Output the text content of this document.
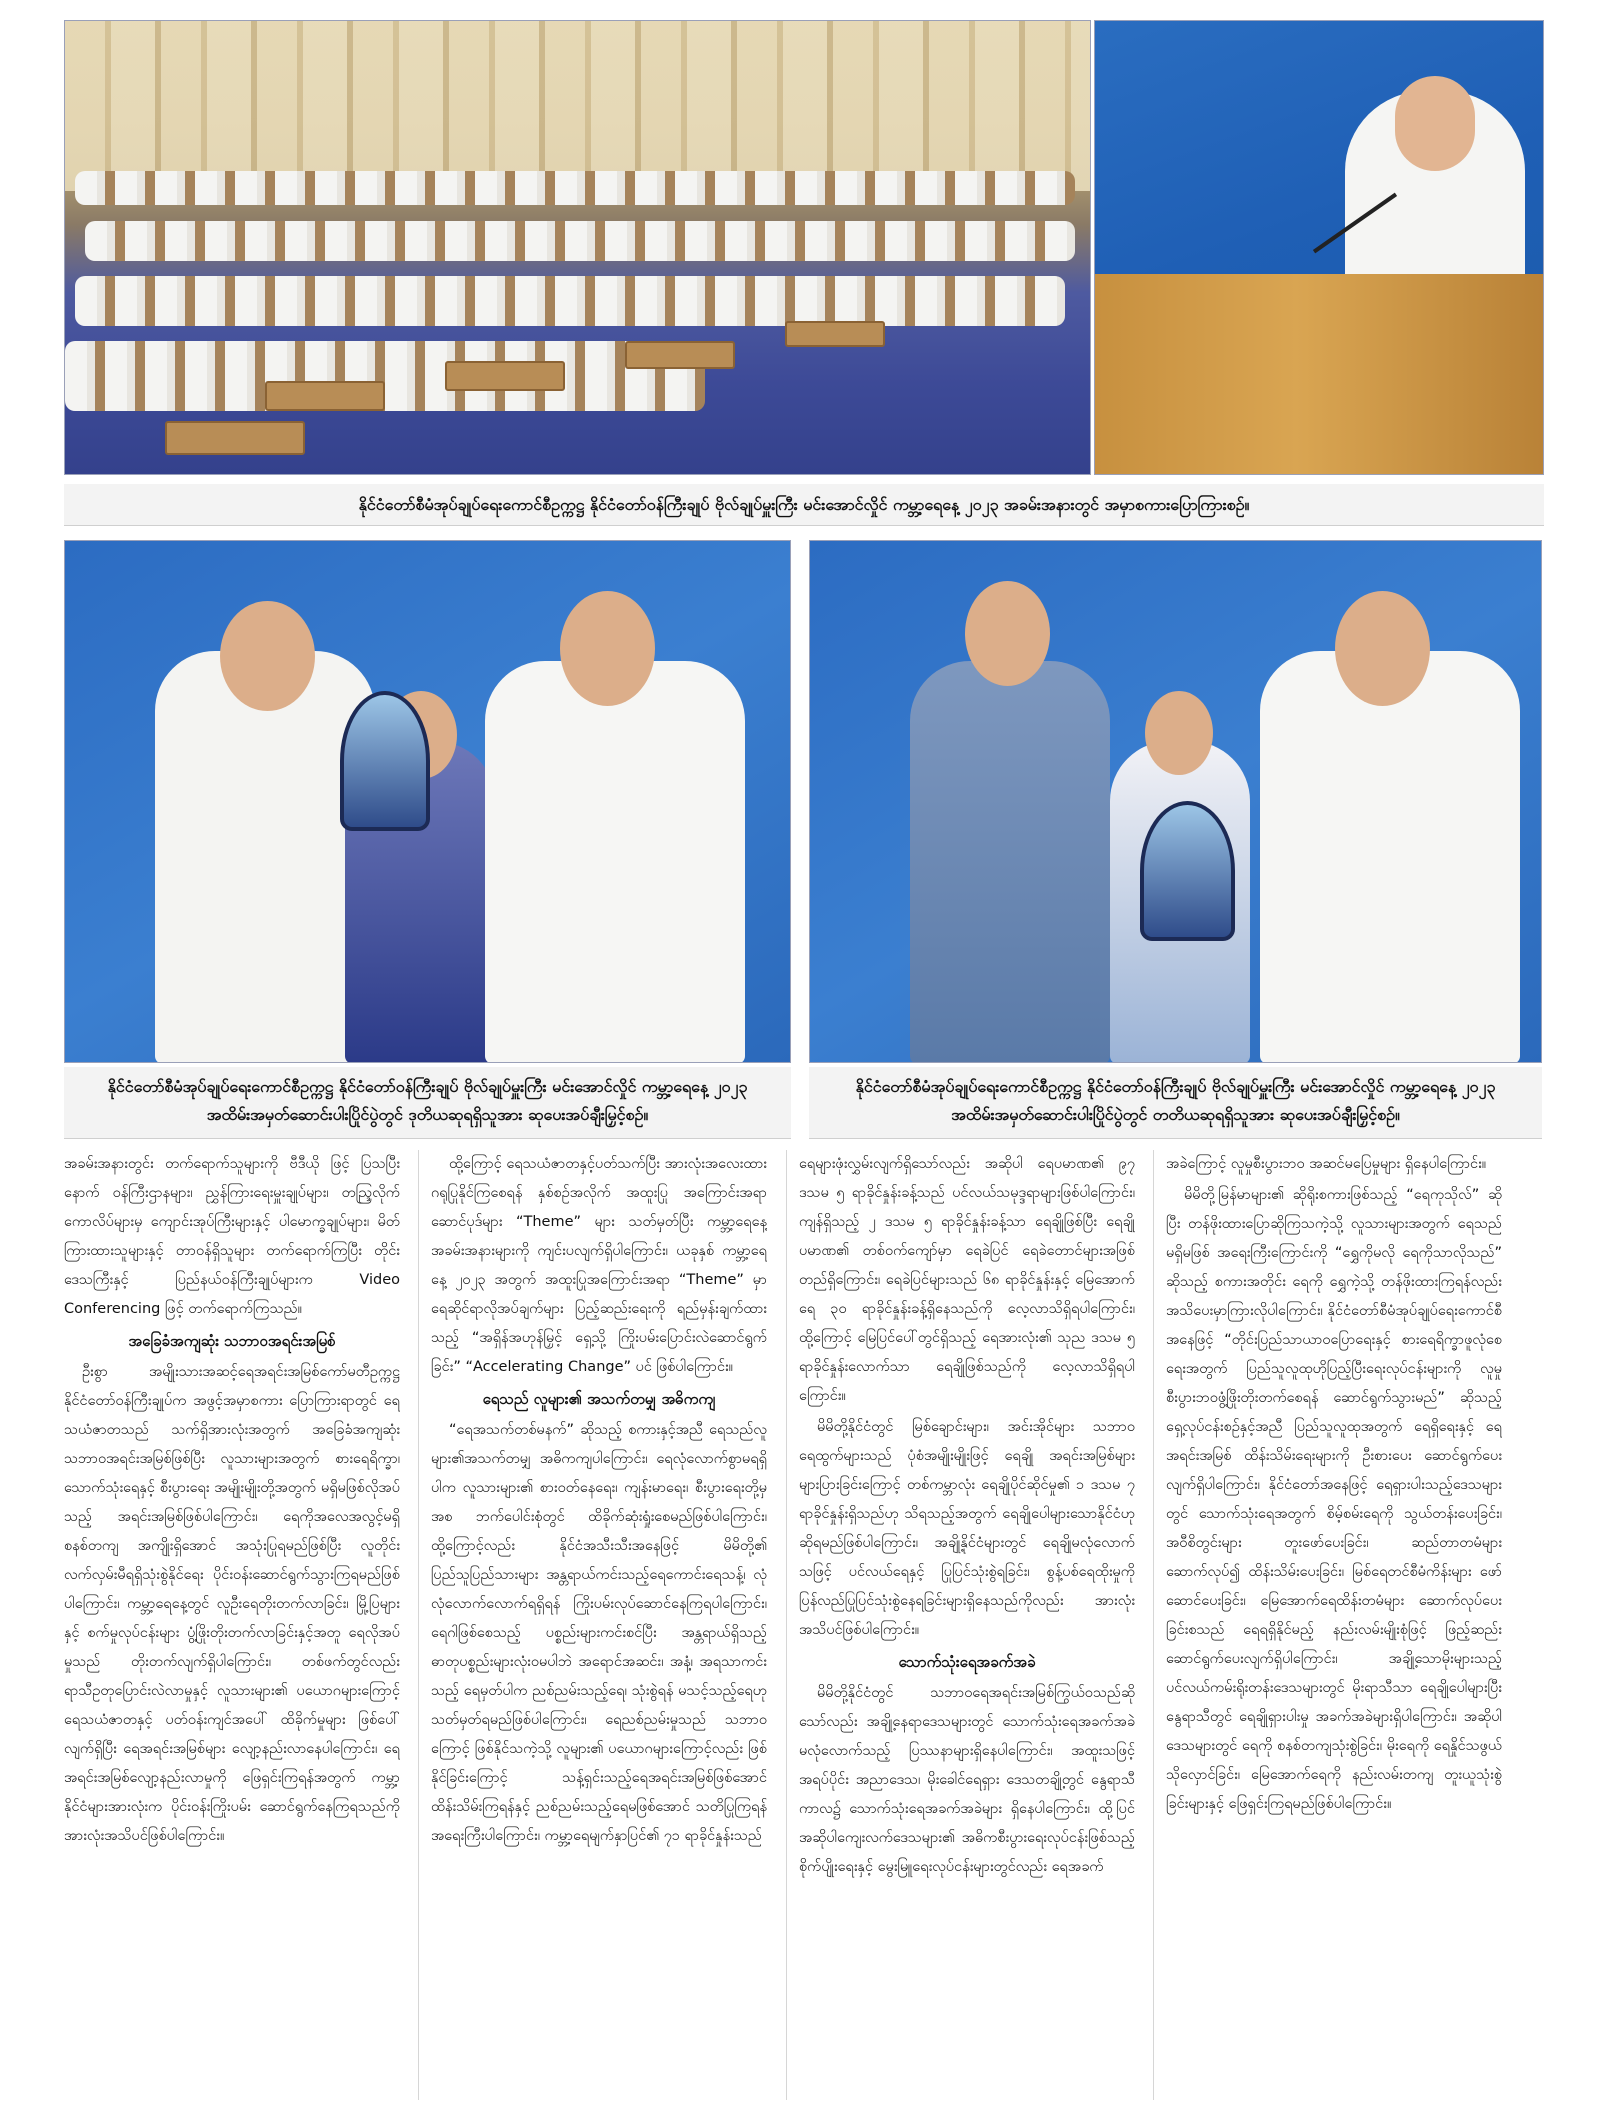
နိုင်ငံတော်စီမံအုပ်ချုပ်ရေးကောင်စီဥက္ကဋ္ဌ နိုင်ငံတော်ဝန်ကြီးချုပ် ဗိုလ်ချုပ်မှူးကြီး မင်းအောင်လှိုင် ကမ္ဘာ့ရေနေ့ ၂၀၂၃ အခမ်းအနားတွင် အမှာစကားပြောကြားစဉ်။
နိုင်ငံတော်စီမံအုပ်ချုပ်ရေးကောင်စီဥက္ကဋ္ဌ နိုင်ငံတော်ဝန်ကြီးချုပ် ဗိုလ်ချုပ်မှူးကြီး မင်းအောင်လှိုင် ကမ္ဘာ့ရေနေ့ ၂၀၂၃ အထိမ်းအမှတ်ဆောင်းပါးပြိုင်ပွဲတွင် ဒုတိယဆုရရှိသူအား ဆုပေးအပ်ချီးမြှင့်စဉ်။
နိုင်ငံတော်စီမံအုပ်ချုပ်ရေးကောင်စီဥက္ကဋ္ဌ နိုင်ငံတော်ဝန်ကြီးချုပ် ဗိုလ်ချုပ်မှူးကြီး မင်းအောင်လှိုင် ကမ္ဘာ့ရေနေ့ ၂၀၂၃ အထိမ်းအမှတ်ဆောင်းပါးပြိုင်ပွဲတွင် တတိယဆုရရှိသူအား ဆုပေးအပ်ချီးမြှင့်စဉ်။

အခမ်းအနားတွင်း တက်ရောက်သူများကို ဗီဒီယို ဖြင့် ပြသပြီးနောက် ဝန်ကြီးဌာနများ၊ ညွှန်ကြားရေးမှူးချုပ်များ၊ တည္ဒြလိုက်ကောလိပ်များမှ ကျောင်းအုပ်ကြီးများနှင့် ပါမောက္ခချုပ်များ၊ မိတ်ကြားထားသူများနှင့် တာဝန်ရှိသူများ တက်ရောက်ကြပြီး တိုင်းဒေသကြီးနှင့် ပြည်နယ်ဝန်ကြီးချုပ်များက Video Conferencing ဖြင့် တက်ရောက်ကြသည်။

အခြေခံအကျဆုံး သဘာဝအရင်းအမြစ်

ဦးစွာ အမျိုးသားအဆင့်ရေအရင်းအမြစ်ကော်မတီဥက္ကဋ္ဌ နိုင်ငံတော်ဝန်ကြီးချုပ်က အဖွင့်အမှာစကား ပြောကြားရာတွင် ရေသယံဇာတသည် သက်ရှိအားလုံးအတွက် အခြေခံအကျဆုံး သဘာဝအရင်းအမြစ်ဖြစ်ပြီး လူသားများအတွက် စားရေရိက္ခာ၊ သောက်သုံးရေနှင့် စီးပွားရေး အမျိုးမျိုးတို့အတွက် မရှိမဖြစ်လိုအပ်သည့် အရင်းအမြစ်ဖြစ်ပါကြောင်း၊ ရေကိုအလေအလွင့်မရှိ စနစ်တကျ အကျိုးရှိအောင် အသုံးပြုရမည်ဖြစ်ပြီး လူတိုင်းလက်လှမ်းမီရရှိသုံးစွဲနိုင်ရေး ပိုင်းဝန်းဆောင်ရွက်သွားကြရမည်ဖြစ်ပါကြောင်း၊ ကမ္ဘာ့ရေနေ့တွင် လူဦးရေတိုးတက်လာခြင်း၊ မြို့ပြများနှင့် စက်မှုလုပ်ငန်းများ ပွံ့ဖြိုးတိုးတက်လာခြင်းနှင့်အတူ ရေလိုအပ်မှုသည် တိုးတက်လျက်ရှိပါကြောင်း၊ တစ်ဖက်တွင်လည်း ရာသီဥတုပြောင်းလဲလာမှုနှင့် လူသားများ၏ ပယောဂများကြောင့် ရေသယံဇာတနှင့် ပတ်ဝန်းကျင်အပေါ် ထိခိုက်မှုများ ဖြစ်ပေါ်လျက်ရှိပြီး ရေအရင်းအမြစ်များ လျော့နည်းလာနေပါကြောင်း၊ ရေအရင်းအမြစ်လျော့နည်းလာမှုကို ဖြေရှင်းကြရန်အတွက် ကမ္ဘာ့နိုင်ငံများအားလုံးက ပိုင်းဝန်းကြိုးပမ်း ဆောင်ရွက်နေကြရသည်ကို အားလုံးအသိပင်ဖြစ်ပါကြောင်း။

ထို့ကြောင့် ရေသယံဇာတနှင့်ပတ်သက်ပြီး အားလုံးအလေးထား ဂရုပြုနိုင်ကြစေရန် နှစ်စဉ်အလိုက် အထူးပြု အကြောင်းအရာဆောင်ပုဒ်များ “Theme” များ သတ်မှတ်ပြီး ကမ္ဘာ့ရေနေ့ အခမ်းအနားများကို ကျင်းပလျက်ရှိပါကြောင်း၊ ယခုနှစ် ကမ္ဘာ့ရေနေ့ ၂၀၂၃ အတွက် အထူးပြုအကြောင်းအရာ “Theme” မှာ ရေဆိုင်ရာလိုအပ်ချက်များ ပြည့်ဆည်းရေးကို ရည်မှန်းချက်ထားသည့် “အရှိန်အဟုန်မြှင့် ရှေ့သို့ ကြိုးပမ်းပြောင်းလဲဆောင်ရွက်ခြင်း” “Accelerating Change” ပင် ဖြစ်ပါကြောင်း။

ရေသည် လူများ၏ အသက်တမျှ အဓိကကျ

“ရေအသက်တစ်မနက်” ဆိုသည့် စကားနှင့်အညီ ရေသည်လူများ၏အသက်တမျှ အဓိကကျပါကြောင်း၊ ရေလုံလောက်စွာမရရှိပါက လူသားများ၏ စားဝတ်နေရေး၊ ကျန်းမာရေး၊ စီးပွားရေးတို့မှအစ ဘက်ပေါင်းစုံတွင် ထိခိုက်ဆုံးရှုံးစေမည်ဖြစ်ပါကြောင်း၊ ထို့ကြောင့်လည်း နိုင်ငံအသီးသီးအနေဖြင့် မိမိတို့၏ ပြည်သူပြည်သားများ အန္တရာယ်ကင်းသည့်ရေကောင်းရေသန့်၊ လုံလုံလောက်လောက်ရရှိရန် ကြိုးပမ်းလုပ်ဆောင်နေကြရပါကြောင်း၊ ရေဂါဖြစ်စေသည့် ပစ္စည်းများကင်းစင်ပြီး အန္တရာယ်ရှိသည့် ဓာတုပစ္စည်းများလုံးဝမပါဘဲ အရောင်အဆင်း၊ အနံ့၊ အရသာကင်းသည့် ရေမှတ်ပါက ညစ်ညမ်းသည့်ရေ၊ သုံးစွဲရန် မသင့်သည့်ရေဟု သတ်မှတ်ရမည်ဖြစ်ပါကြောင်း၊ ရေညစ်ညမ်းမှုသည် သဘာဝကြောင့် ဖြစ်နိုင်သကဲ့သို့ လူများ၏ ပယောဂများကြောင့်လည်း ဖြစ်နိုင်ခြင်းကြောင့် သန့်ရှင်းသည့်ရေအရင်းအမြစ်ဖြစ်အောင် ထိန်းသိမ်းကြရန်နှင့် ညစ်ညမ်းသည့်ရေမဖြစ်အောင် သတိပြုကြရန် အရေးကြီးပါကြောင်း၊ ကမ္ဘာ့ရေမျက်နှာပြင်၏ ၇၁ ရာခိုင်နှုန်းသည်

ရေများဖုံးလွှမ်းလျက်ရှိသော်လည်း အဆိုပါ ရေပမာဏ၏ ၉၇ ဒသမ ၅ ရာခိုင်နှုန်းခန့်သည် ပင်လယ်သမုဒ္ဒရာများဖြစ်ပါကြောင်း၊ ကျန်ရှိသည့် ၂ ဒသမ ၅ ရာခိုင်နှုန်းခန့်သာ ရေချိုဖြစ်ပြီး ရေချိုပမာဏ၏ တစ်ဝက်ကျော်မှာ ရေခဲပြင် ရေခဲတောင်များအဖြစ် တည်ရှိကြောင်း၊ ရေခဲပြင်များသည် ၆၈ ရာခိုင်နှုန်းနှင့် မြေအောက်ရေ ၃၀ ရာခိုင်နှုန်းခန့်ရှိနေသည်ကို လေ့လာသိရှိရပါကြောင်း၊ ထို့ကြောင့် မြေပြင်ပေါ်တွင်ရှိသည့် ရေအားလုံး၏ သုည ဒသမ ၅ ရာခိုင်နှုန်းလောက်သာ ရေချိုဖြစ်သည်ကို လေ့လာသိရှိရပါကြောင်း။

မိမိတို့နိုင်ငံတွင် မြစ်ချောင်းများ၊ အင်းအိုင်များ သဘာဝရေထွက်များသည် ပုံစံအမျိုးမျိုးဖြင့် ရေချို အရင်းအမြစ်များ များပြားခြင်းကြောင့် တစ်ကမ္ဘာလုံး ရေချိုပိုင်ဆိုင်မှု၏ ၁ ဒသမ ၇ ရာခိုင်နှုန်းရှိသည်ဟု သိရသည့်အတွက် ရေချိုပေါများသောနိုင်ငံဟုဆိုရမည်ဖြစ်ပါကြောင်း၊ အချို့နိုင်ငံများတွင် ရေချိုမလုံလောက်သဖြင့် ပင်လယ်ရေနှင့် ပြုပြင်သုံးစွဲရခြင်း၊ စွန့်ပစ်ရေထိုးမှုကို ပြန်လည်ပြုပြင်သုံးစွဲနေရခြင်းများရှိနေသည်ကိုလည်း အားလုံးအသိပင်ဖြစ်ပါကြောင်း။

သောက်သုံးရေအခက်အခဲ

မိမိတို့နိုင်ငံတွင် သဘာဝရေအရင်းအမြစ်ကြွယ်ဝသည်ဆိုသော်လည်း အချို့နေရာဒေသများတွင် သောက်သုံးရေအခက်အခဲ မလုံလောက်သည့် ပြဿနာများရှိနေပါကြောင်း၊ အထူးသဖြင့် အရပ်ပိုင်း အညာဒေသ၊ မိုးခေါင်ရေရှား ဒေသတချို့တွင် နွေရာသီကာလ၌ သောက်သုံးရေအခက်အခဲများ ရှိနေပါကြောင်း၊ ထို့ပြင် အဆိုပါကျေးလက်ဒေသများ၏ အဓိကစီးပွားရေးလုပ်ငန်းဖြစ်သည့် စိုက်ပျိုးရေးနှင့် မွေးမြူရေးလုပ်ငန်းများတွင်လည်း ရေအခက်

အခဲကြောင့် လူမှုစီးပွားဘဝ အဆင်မပြေမှုများ ရှိနေပါကြောင်း။

မိမိတို့မြန်မာများ၏ ဆိုရိုးစကားဖြစ်သည့် “ရေကုသိုလ်” ဆိုပြီး တန်ဖိုးထားပြောဆိုကြသကဲ့သို့ လူသားများအတွက် ရေသည် မရှိမဖြစ် အရေးကြီးကြောင်းကို “ရွှေကိုမလို ရေကိုသာလိုသည်” ဆိုသည့် စကားအတိုင်း ရေကို ရွှေကဲ့သို့ တန်ဖိုးထားကြရန်လည်း အသိပေးမှာကြားလိုပါကြောင်း၊ နိုင်ငံတော်စီမံအုပ်ချုပ်ရေးကောင်စီအနေဖြင့် “တိုင်းပြည်သာယာဝပြောရေးနှင့် စားရေရိက္ခာဖူလုံစေရေးအတွက် ပြည်သူလူထုဟိုပြည့်ပြီးရေးလုပ်ငန်းများကို လူမှုစီးပွားဘဝဖွံ့ဖြိုးတိုးတက်စေရန် ဆောင်ရွက်သွားမည်” ဆိုသည့် ရှေ့လုပ်ငန်းစဉ်နှင့်အညီ ပြည်သူလူထုအတွက် ရေရှိရေးနှင့် ရေအရင်းအမြစ် ထိန်းသိမ်းရေးများကို ဦးစားပေး ဆောင်ရွက်ပေးလျက်ရှိပါကြောင်း၊ နိုင်ငံတော်အနေဖြင့် ရေရှားပါးသည့်ဒေသများတွင် သောက်သုံးရေအတွက် စိမ့်စမ်းရေကို သွယ်တန်းပေးခြင်း၊ အဝီစိတွင်းများ တူးဖော်ပေးခြင်း၊ ဆည်တာတမံများ ဆောက်လုပ်၍ ထိန်းသိမ်းပေးခြင်း၊ မြစ်ရေတင်စီမံကိန်းများ ဖော်ဆောင်ပေးခြင်း၊ မြေအောက်ရေထိန်းတမံများ ဆောက်လုပ်ပေးခြင်းစသည် ရေရရှိနိုင်မည့် နည်းလမ်းမျိုးစုံဖြင့် ဖြည့်ဆည်းဆောင်ရွက်ပေးလျက်ရှိပါကြောင်း၊ အချို့သောမိုးများသည့် ပင်လယ်ကမ်းရိုးတန်းဒေသများတွင် မိုးရာသီသာ ရေချိုပေါများပြီး နွေရာသီတွင် ရေချိုရှားပါးမှု အခက်အခဲများရှိပါကြောင်း၊ အဆိုပါဒေသများတွင် ရေကို စနစ်တကျသုံးစွဲခြင်း၊ မိုးရေကို ရေနှိုင်သဖွယ် သိုလှောင်ခြင်း၊ မြေအောက်ရေကို နည်းလမ်းတကျ တူးယူသုံးစွဲခြင်းများနှင့် ဖြေရှင်းကြရမည်ဖြစ်ပါကြောင်း။
